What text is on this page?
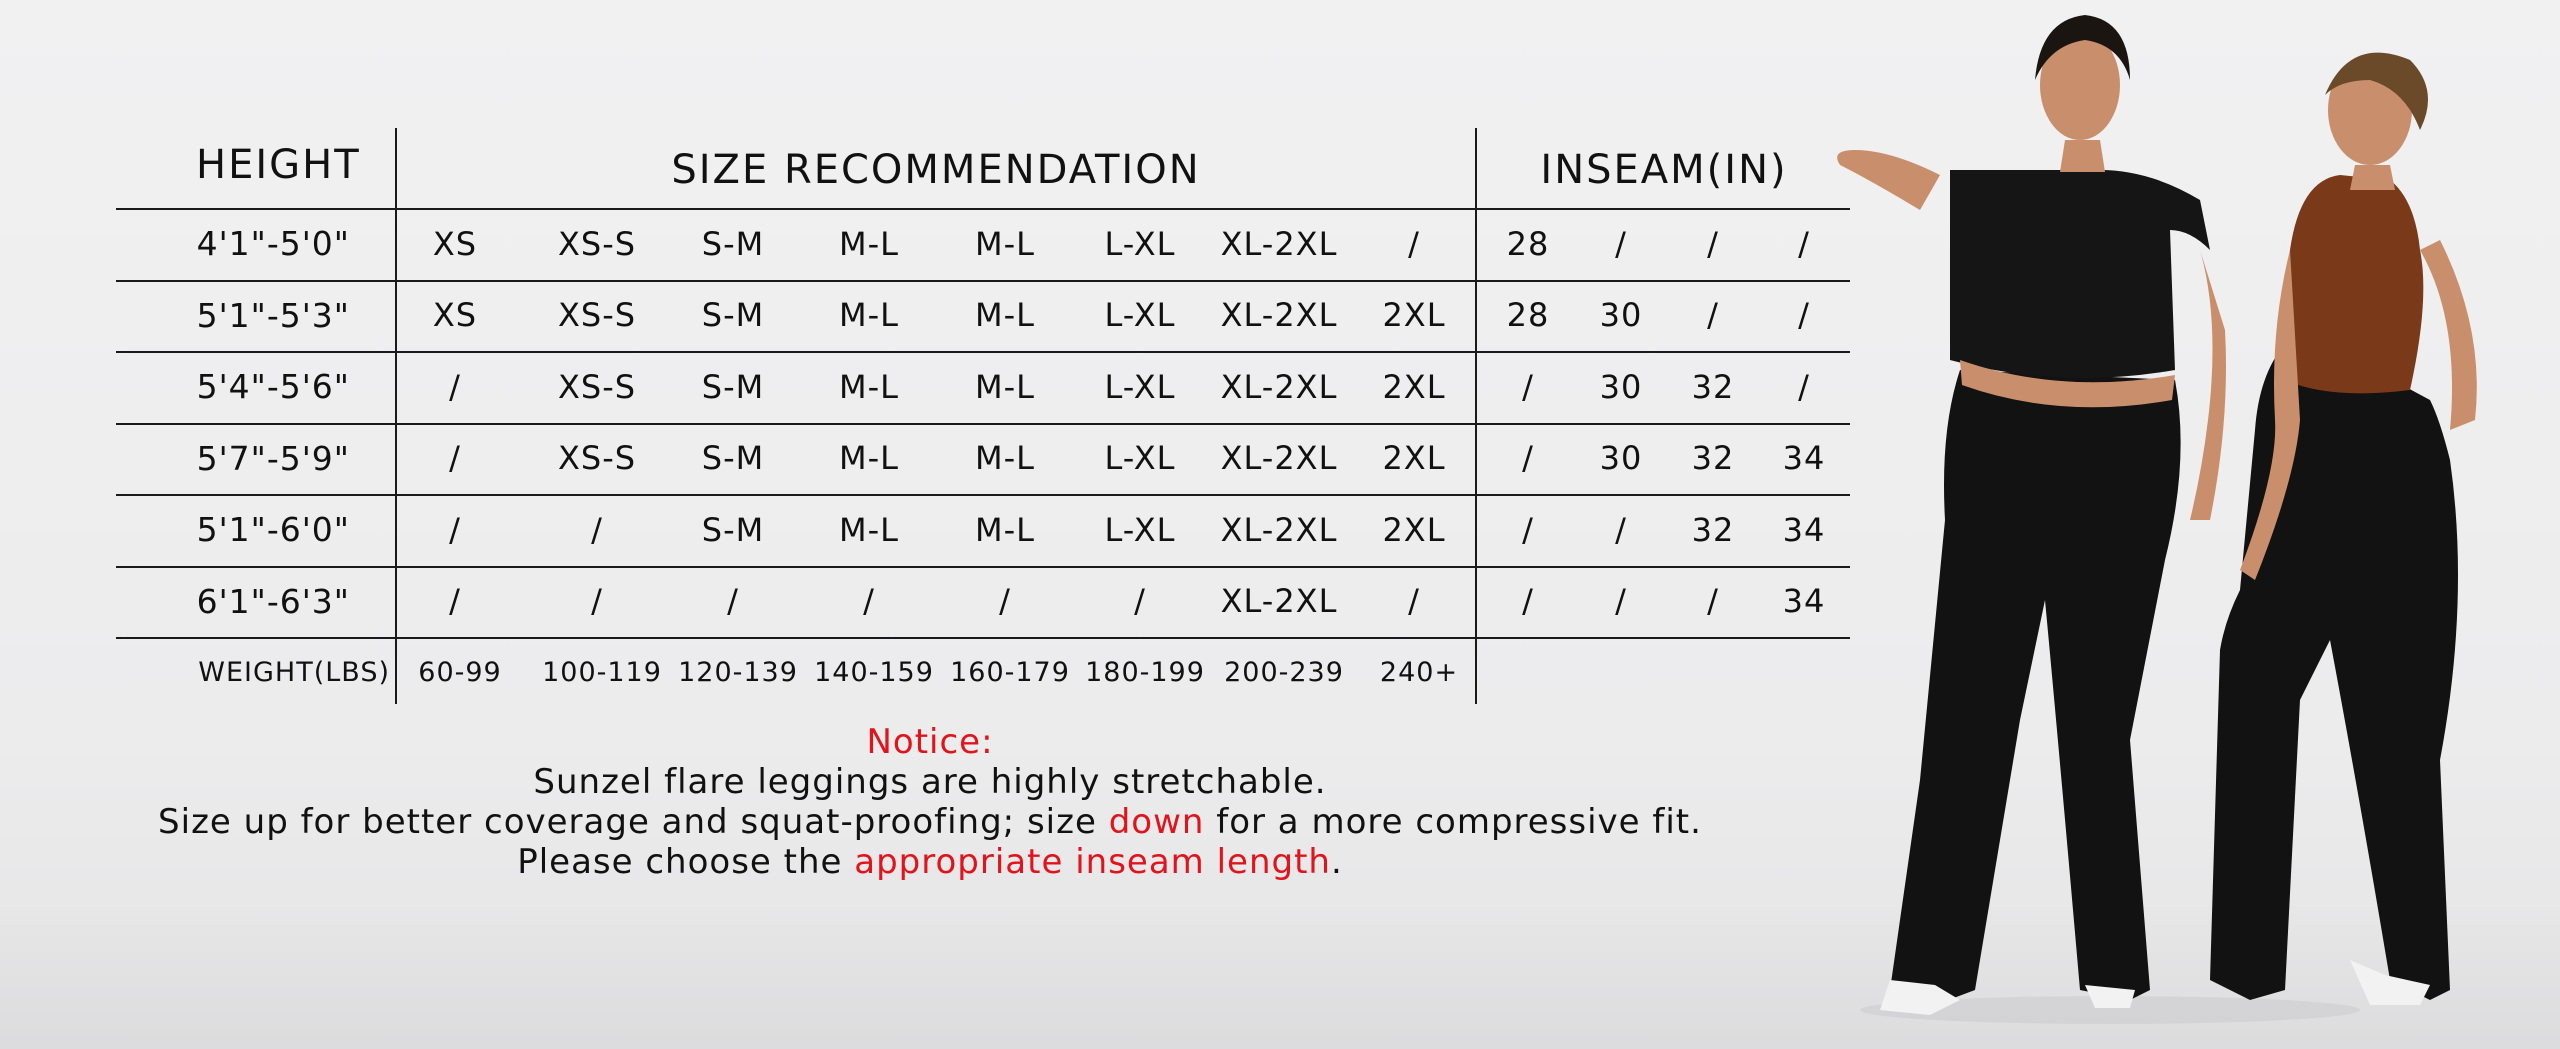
HEIGHT	SIZE RECOMMENDATION	INSEAM(IN)
4'1"-5'0"	XS	XS-S	S-M	M-L	M-L	L-XL	XL-2XL	/	28	/	/	/
5'1"-5'3"	XS	XS-S	S-M	M-L	M-L	L-XL	XL-2XL	2XL	28	30	/	/
5'4"-5'6"	/	XS-S	S-M	M-L	M-L	L-XL	XL-2XL	2XL	/	30	32	/
5'7"-5'9"	/	XS-S	S-M	M-L	M-L	L-XL	XL-2XL	2XL	/	30	32	34
5'1"-6'0"	/	/	S-M	M-L	M-L	L-XL	XL-2XL	2XL	/	/	32	34
6'1"-6'3"	/	/	/	/	/	/	XL-2XL	/	/	/	/	34
WEIGHT(LBS)	60-99	100-119 120-139 140-159 160-179 180-199 200-239	240+
Notice:
Sunzel flare leggings are highly stretchable.
Size up for better coverage and squat-proofing; size down for a more compressive fit.
Please choose the appropriate inseam length.
